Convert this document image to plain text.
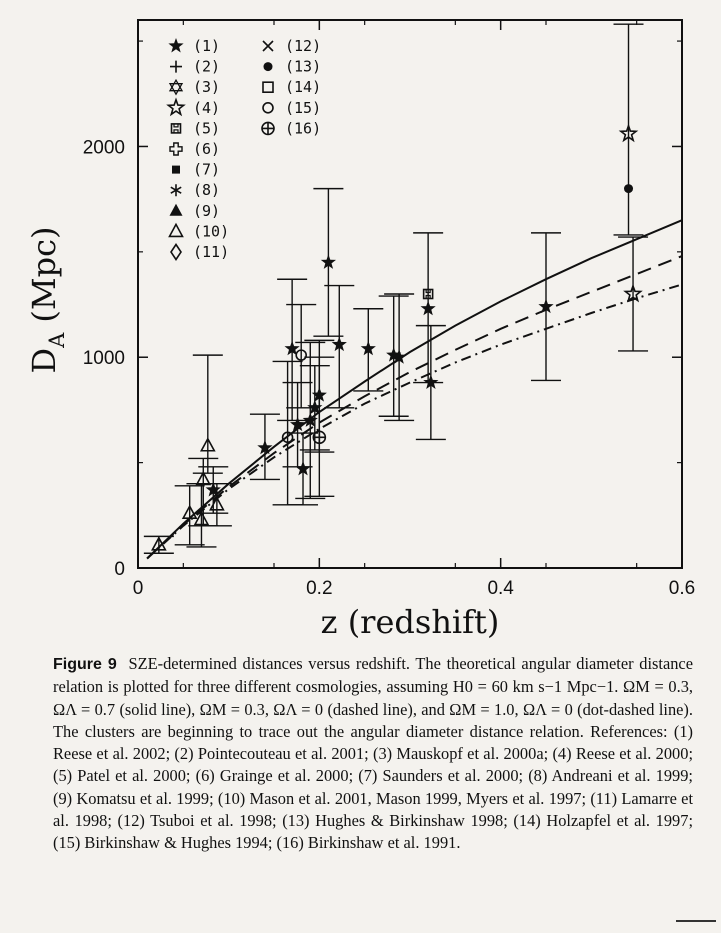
0	0.2	0.4	0.6
0
1000
2000
(1)
(2)
(3)
(4)
(5)
(6)
(7)
(8)
(9)
(10)
(11)
(12)
(13)
(14)
(15)
(16)
z (redshift)
$D_A(Mpc)$
Figure 9 SZE-determined distances versus redshift. The theoretical angular diameter distance relation is plotted for three different cosmologies, assuming H0 = 60 km s−1 Mpc−1. ΩM = 0.3, ΩΛ = 0.7 (solid line), ΩM = 0.3, ΩΛ = 0 (dashed line), and ΩM = 1.0, ΩΛ = 0 (dot-dashed line). The clusters are beginning to trace out the angular diameter distance relation. References: (1) Reese et al. 2002; (2) Pointecouteau et al. 2001; (3) Mauskopf et al. 2000a; (4) Reese et al. 2000; (5) Patel et al. 2000; (6) Grainge et al. 2000; (7) Saunders et al. 2000; (8) Andreani et al. 1999; (9) Komatsu et al. 1999; (10) Mason et al. 2001, Mason 1999, Myers et al. 1997; (11) Lamarre et al. 1998; (12) Tsuboi et al. 1998; (13) Hughes & Birkinshaw 1998; (14) Holzapfel et al. 1997; (15) Birkinshaw & Hughes 1994; (16) Birkinshaw et al. 1991.
